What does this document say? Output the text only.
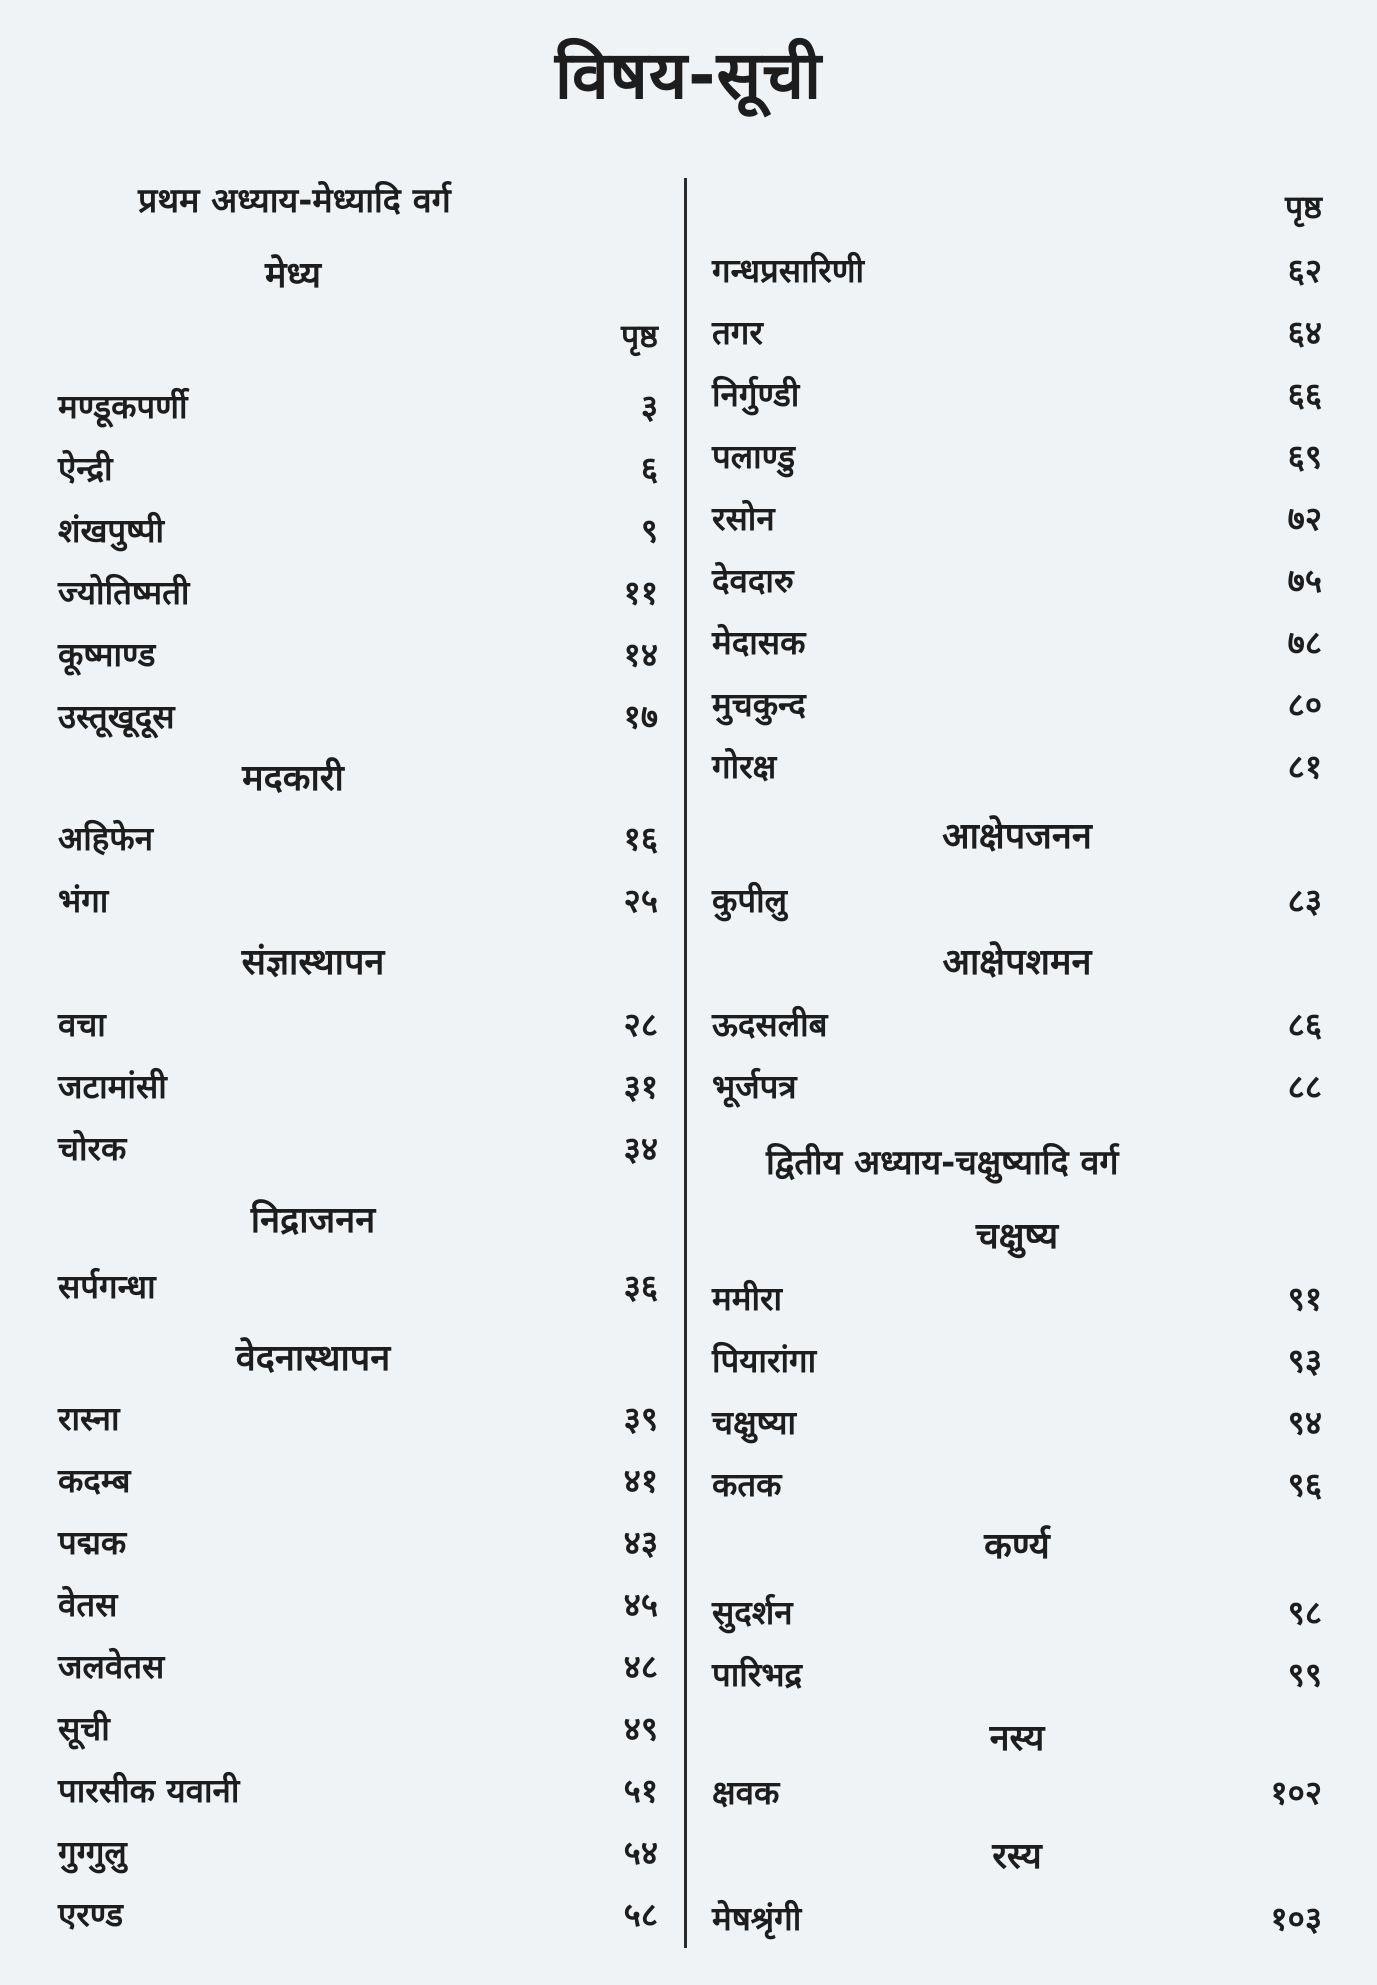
विषय-सूची
प्रथम अध्याय-मेध्यादि वर्ग
मेध्य
पृष्ठ
मण्डूकपर्णी	३
ऐन्द्री	६
शंखपुष्पी	९
ज्योतिष्मती	११
कूष्माण्ड	१४
उस्तूखूदूस	१७
मदकारी
अहिफेन	१६
भंगा	२५
संज्ञास्थापन
वचा	२८
जटामांसी	३१
चोरक	३४
निद्राजनन
सर्पगन्धा	३६
वेदनास्थापन
रास्ना	३९
कदम्ब	४१
पद्मक	४३
वेतस	४५
जलवेतस	४८
सूची	४९
पारसीक यवानी	५१
गुग्गुलु	५४
एरण्ड	५८
पृष्ठ
गन्धप्रसारिणी	६२
तगर	६४
निर्गुण्डी	६६
पलाण्डु	६९
रसोन	७२
देवदारु	७५
मेदासक	७८
मुचकुन्द	८०
गोरक्ष	८१
आक्षेपजनन
कुपीलु	८३
आक्षेपशमन
ऊदसलीब	८६
भूर्जपत्र	८८
द्वितीय अध्याय-चक्षुष्यादि वर्ग
चक्षुष्य
ममीरा	९१
पियारांगा	९३
चक्षुष्या	९४
कतक	९६
कर्ण्य
सुदर्शन	९८
पारिभद्र	९९
नस्य
क्षवक	१०२
रस्य
मेषश्रृंगी	१०३
